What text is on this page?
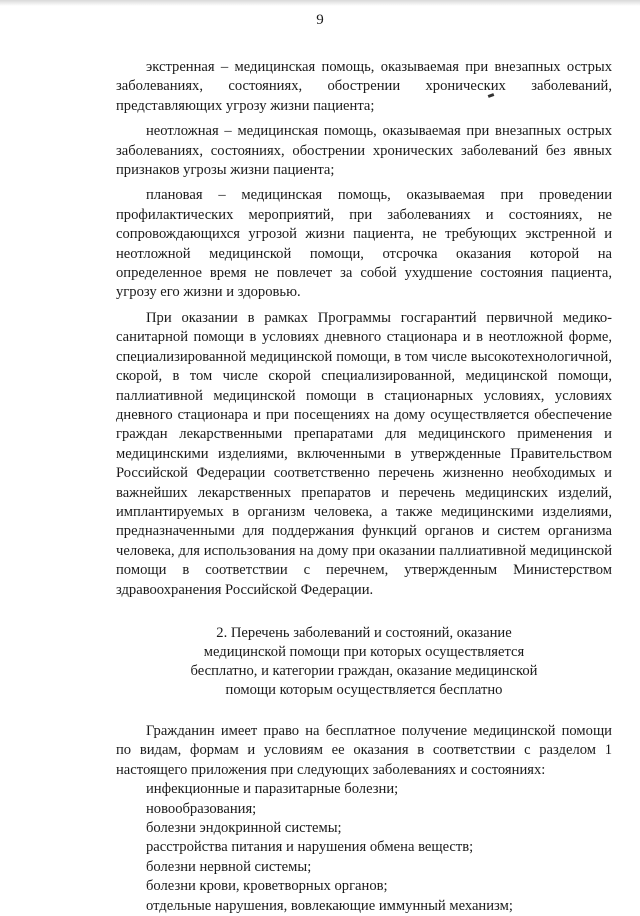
9

экстренная – медицинская помощь, оказываемая при внезапных острых заболеваниях, состояниях, обострении хронических заболеваний, представляющих угрозу жизни пациента;

неотложная – медицинская помощь, оказываемая при внезапных острых заболеваниях, состояниях, обострении хронических заболеваний без явных признаков угрозы жизни пациента;

плановая – медицинская помощь, оказываемая при проведении профилактических мероприятий, при заболеваниях и состояниях, не сопровождающихся угрозой жизни пациента, не требующих экстренной и неотложной медицинской помощи, отсрочка оказания которой на определенное время не повлечет за собой ухудшение состояния пациента, угрозу его жизни и здоровью.

При оказании в рамках Программы госгарантий первичной медико-санитарной помощи в условиях дневного стационара и в неотложной форме, специализированной медицинской помощи, в том числе высокотехнологичной, скорой, в том числе скорой специализированной, медицинской помощи, паллиативной медицинской помощи в стационарных условиях, условиях дневного стационара и при посещениях на дому осуществляется обеспечение граждан лекарственными препаратами для медицинского применения и медицинскими изделиями, включенными в утвержденные Правительством Российской Федерации соответственно перечень жизненно необходимых и важнейших лекарственных препаратов и перечень медицинских изделий, имплантируемых в организм человека, а также медицинскими изделиями, предназначенными для поддержания функций органов и систем организма человека, для использования на дому при оказании паллиативной медицинской помощи в соответствии с перечнем, утвержденным Министерством здравоохранения Российской Федерации.

2. Перечень заболеваний и состояний, оказание
медицинской помощи при которых осуществляется
бесплатно, и категории граждан, оказание медицинской
помощи которым осуществляется бесплатно

Гражданин имеет право на бесплатное получение медицинской помощи по видам, формам и условиям ее оказания в соответствии с разделом 1 настоящего приложения при следующих заболеваниях и состояниях:

инфекционные и паразитарные болезни;
новообразования;
болезни эндокринной системы;
расстройства питания и нарушения обмена веществ;
болезни нервной системы;
болезни крови, кроветворных органов;
отдельные нарушения, вовлекающие иммунный механизм;
